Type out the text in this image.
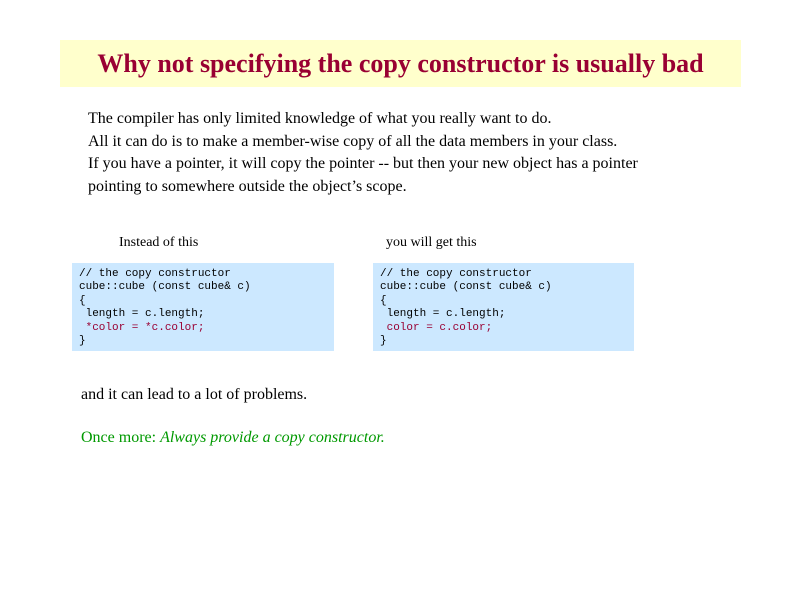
Why not specifying the copy constructor is usually bad
The compiler has only limited knowledge of what you really want to do.
All it can do is to make a member-wise copy of all the data members in your class.
If you have a pointer, it will copy the pointer -- but then your new object has a pointer
pointing to somewhere outside the object’s scope.
Instead of this	you will get this
// the copy constructor
cube::cube (const cube& c)
{
length = c.length;
*color = *c.color;
}
// the copy constructor
cube::cube (const cube& c)
{
length = c.length;
color = c.color;
}
and it can lead to a lot of problems.
Once more: Always provide a copy constructor.
